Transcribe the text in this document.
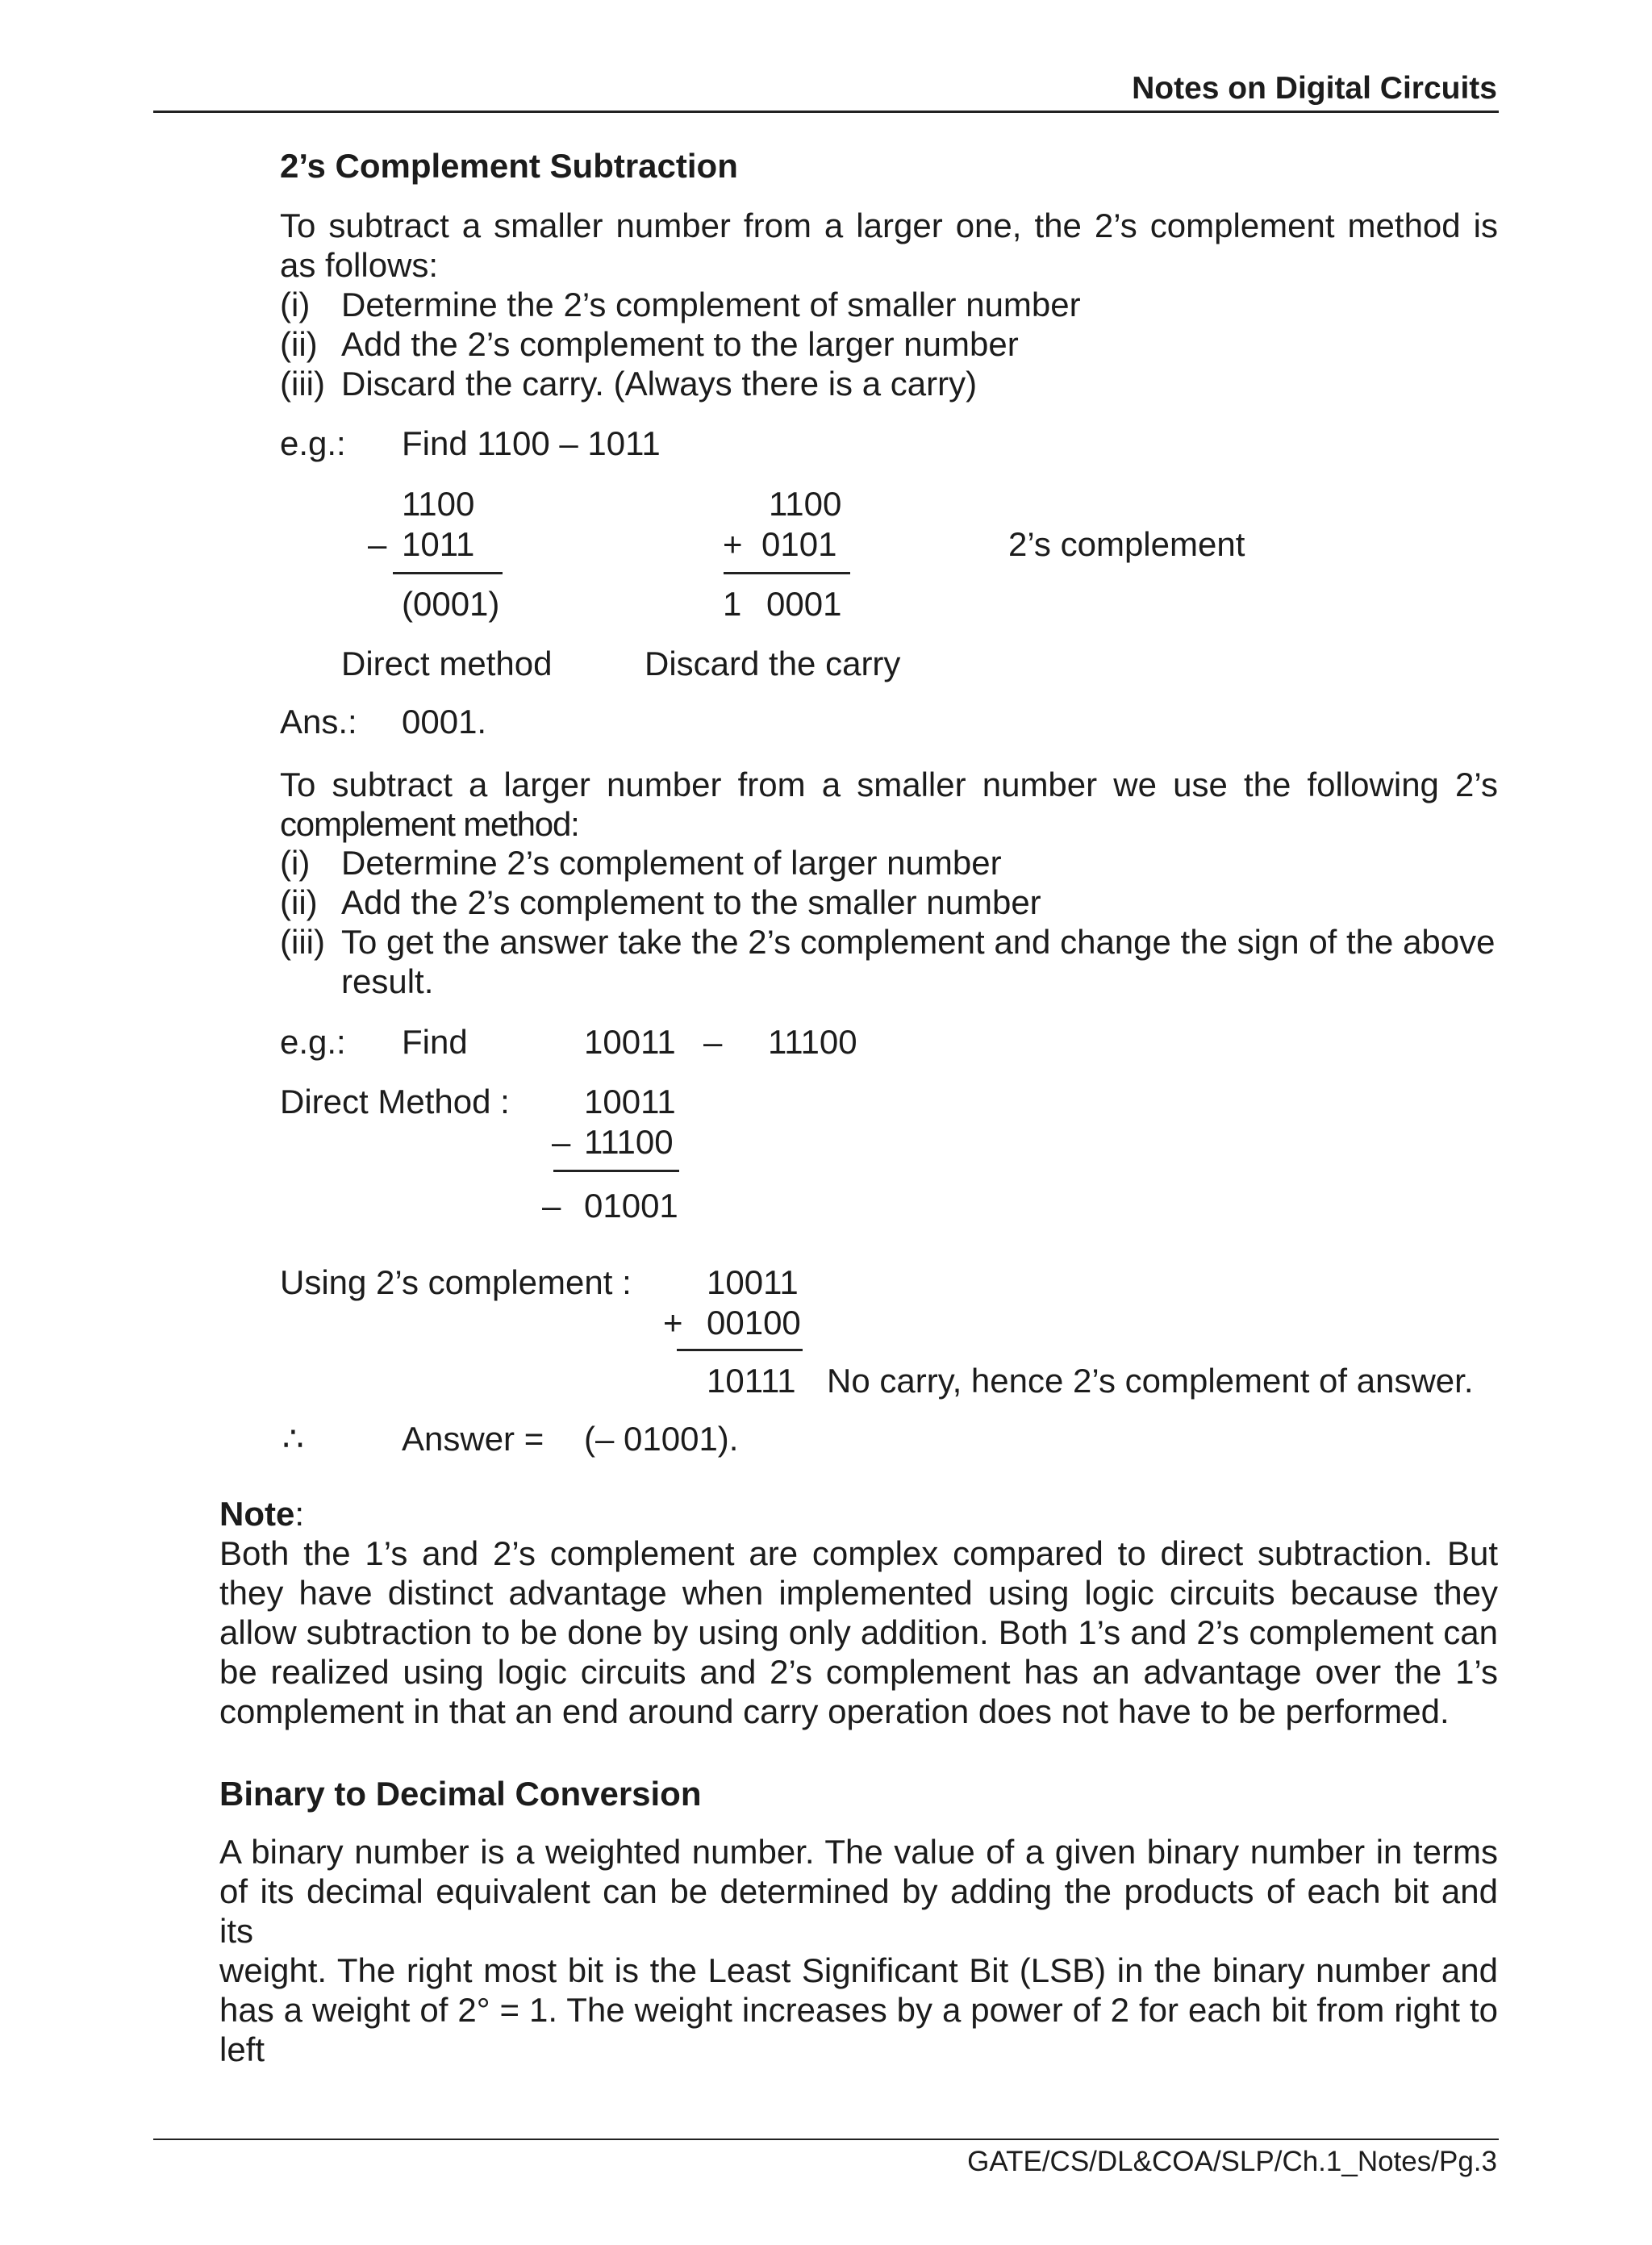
Notes on Digital Circuits
2’s Complement Subtraction
To subtract a smaller number from a larger one, the 2’s complement method is
as follows:
(i) Determine the 2’s complement of smaller number
(ii) Add the 2’s complement to the larger number
(iii) Discard the carry. (Always there is a carry)
e.g.: Find 1100 – 1011
1100
– 1011
(0001)
Direct method
1100
+ 0101
1 0001
Discard the carry
2’s complement
Ans.: 0001.
To subtract a larger number from a smaller number we use the following 2’s
complement method:
(i) Determine 2’s complement of larger number
(ii) Add the 2’s complement to the smaller number
(iii) To get the answer take the 2’s complement and change the sign of the above
result.
e.g.: Find	10011 – 11100
Direct Method : 10011
– 11100
– 01001
Using 2’s complement : 10011
+ 00100
10111 No carry, hence 2’s complement of answer.
∴	Answer = (– 01001).
Note:
Both the 1’s and 2’s complement are complex compared to direct subtraction. But
they have distinct advantage when implemented using logic circuits because they
allow subtraction to be done by using only addition. Both 1’s and 2’s complement can
be realized using logic circuits and 2’s complement has an advantage over the 1’s
complement in that an end around carry operation does not have to be performed.
Binary to Decimal Conversion
A binary number is a weighted number. The value of a given binary number in terms
of its decimal equivalent can be determined by adding the products of each bit and its
weight. The right most bit is the Least Significant Bit (LSB) in the binary number and
has a weight of 2° = 1. The weight increases by a power of 2 for each bit from right to
left
GATE/CS/DL&COA/SLP/Ch.1_Notes/Pg.3
